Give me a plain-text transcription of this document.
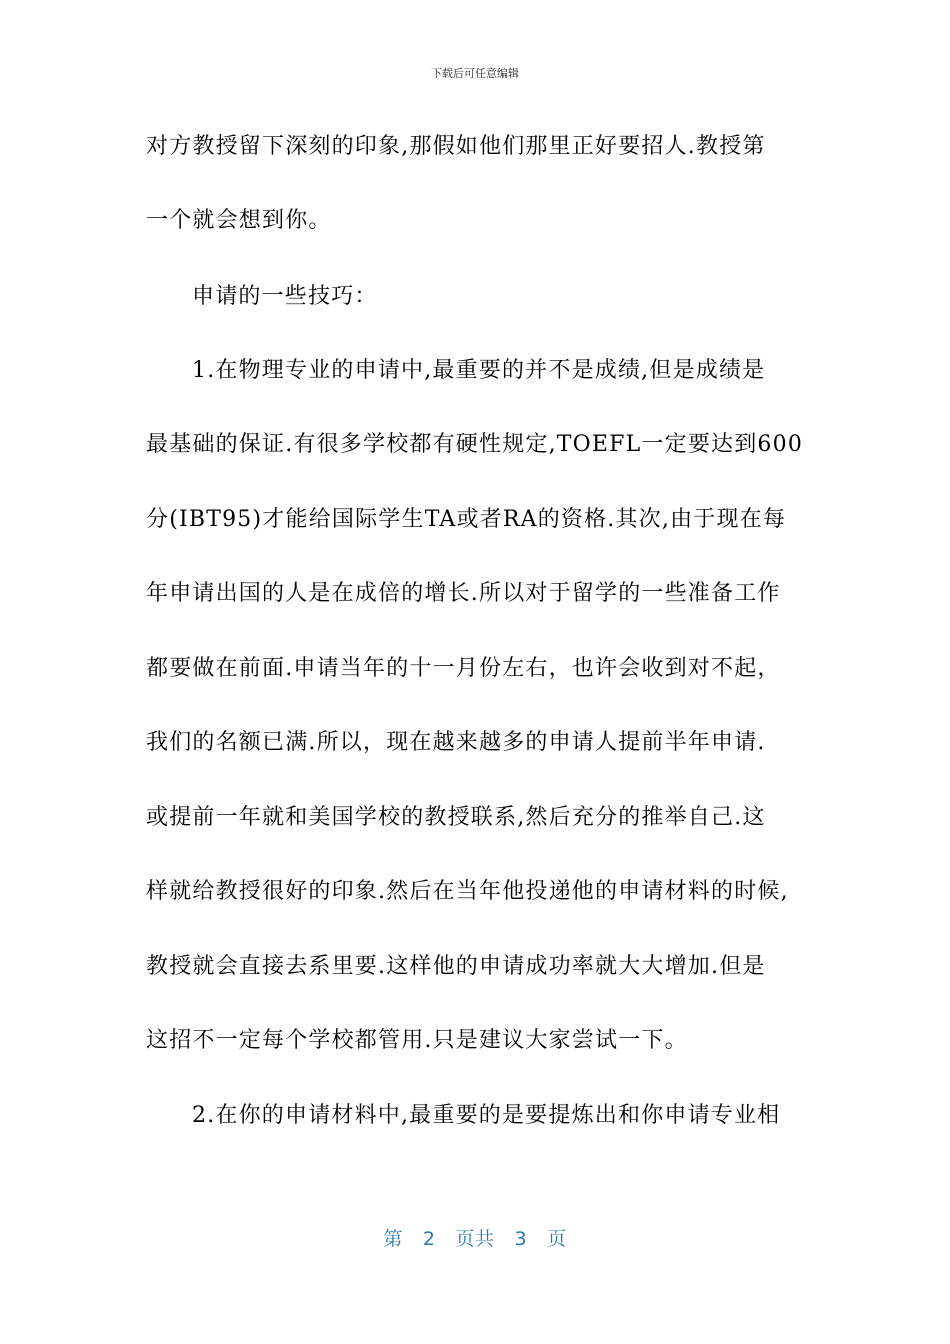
下载后可任意编辑
对方教授留下深刻的印象,那假如他们那里正好要招人.教授第
一个就会想到你。
申请的一些技巧：
1.在物理专业的申请中,最重要的并不是成绩,但是成绩是
最基础的保证.有很多学校都有硬性规定,TOEFL一定要达到600
分(IBT95)才能给国际学生TA或者RA的资格.其次,由于现在每
年申请出国的人是在成倍的增长.所以对于留学的一些准备工作
都要做在前面.申请当年的十一月份左右，也许会收到对不起，
我们的名额已满.所以，现在越来越多的申请人提前半年申请.
或提前一年就和美国学校的教授联系,然后充分的推举自己.这
样就给教授很好的印象.然后在当年他投递他的申请材料的时候,
教授就会直接去系里要.这样他的申请成功率就大大增加.但是
这招不一定每个学校都管用.只是建议大家尝试一下。
2.在你的申请材料中,最重要的是要提炼出和你申请专业相
第 2 页共 3 页
